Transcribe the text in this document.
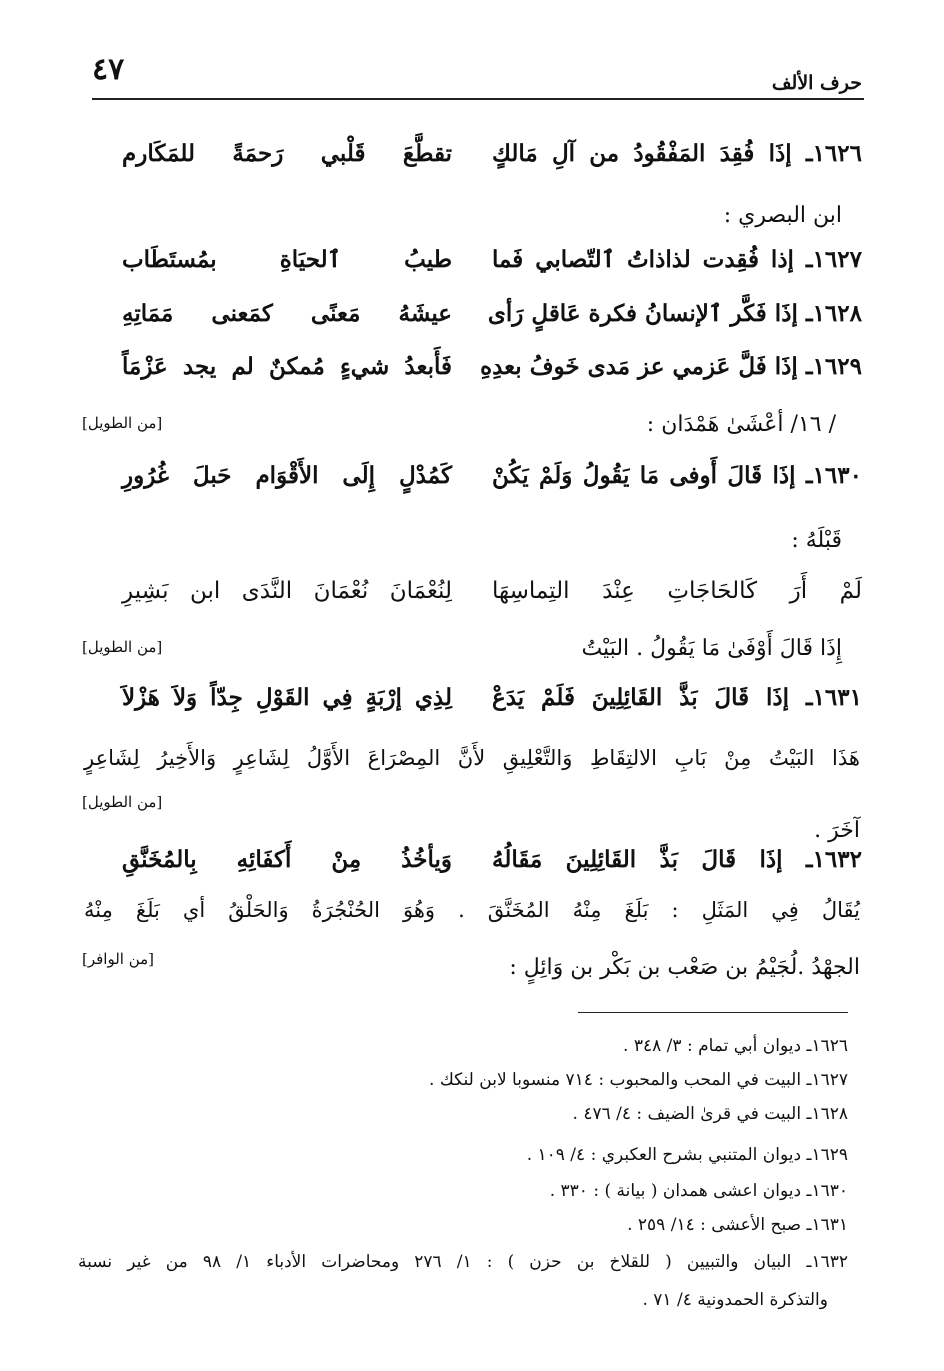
٤٧	حرف الألف
١٦٢٦ـ إذَا فُقِدَ المَفْقُودُ من آلِ مَالكٍ
تقطَّعَ قَلْبي رَحمَةً للمَكَارم
ابن البصري :
١٦٢٧ـ إذا فُقِدت لذاذاتُ ٱلتّصابي فَما
طيبُ ٱلحيَاةِ بمُستَطَاب
١٦٢٨ـ إذَا فَكَّر ٱلإنسانُ فكرة عَاقلٍ رَأى
عيشَهُ مَعنًى كمَعنى مَمَاتِهِ
١٦٢٩ـ إذَا فَلَّ عَزمي عز مَدى خَوفُ بعدِهِ
فَأَبعدُ شيءٍ مُمكنٌ لم يجد عَزْمَاً
[من الطويل]	/ ١٦/ أعْشَىٰ هَمْدَان :
١٦٣٠ـ إذَا قَالَ أَوفى مَا يَقُولُ وَلَمْ يَكُنْ
كَمُدْلٍ إِلَى الأَقْوَام حَبلَ غُرُورِ
قَبْلَهُ :
لَمْ أَرَ كَالحَاجَاتِ عِنْدَ التِماسِهَا
لِنُعْمَانَ نُعْمَانَ النَّدَى ابن بَشِيرِ
[من الطويل]	إِذَا قَالَ أَوْفَىٰ مَا يَقُولُ . البَيْتُ
١٦٣١ـ إذَا قَالَ بَذَّ القَائِلِينَ فَلَمْ يَدَعْ
لِذِي إرْبَةٍ فِي القَوْلِ جِدّاً وَلاَ هَزْلاَ
هَذَا البَيْتُ مِنْ بَابِ الالتِقَاطِ وَالتَّعْلِيقِ لأَنَّ المِصْرَاعَ الأَوَّلُ لِشَاعِرٍ وَالأَخِيرُ لِشَاعِرٍ
[من الطويل]
آخَرَ .
١٦٣٢ـ إذَا قَالَ بَذَّ القَائِلِينَ مَقَالُهُ
وَيأخُذُ مِنْ أَكفَائِهِ بِالمُخَنَّقِ
يُقَالُ فِي المَثَلِ : بَلَغَ مِنْهُ المُخَنَّقَ . وَهُوَ الحُنْجُرَةُ وَالحَلْقُ أي بَلَغَ مِنْهُ
[من الوافر]	الجهْدُ .لُجَيْمُ بن صَعْب بن بَكْر بن وَائِلٍ :
١٦٢٦ـ ديوان أبي تمام : ٣/ ٣٤٨ .
١٦٢٧ـ البيت في المحب والمحبوب : ٧١٤ منسوبا لابن لنكك .
١٦٢٨ـ البيت في قرىٰ الضيف : ٤/ ٤٧٦ .
١٦٢٩ـ ديوان المتنبي بشرح العكبري : ٤/ ١٠٩ .
١٦٣٠ـ ديوان اعشى همدان ( بيانة ) : ٣٣٠ .
١٦٣١ـ صبح الأعشى : ١٤/ ٢٥٩ .
١٦٣٢ـ البيان والتبيين ( للقلاخ بن حزن ) : ١/ ٢٧٦ ومحاضرات الأدباء ١/ ٩٨ من غير نسبة
والتذكرة الحمدونية ٤/ ٧١ .
